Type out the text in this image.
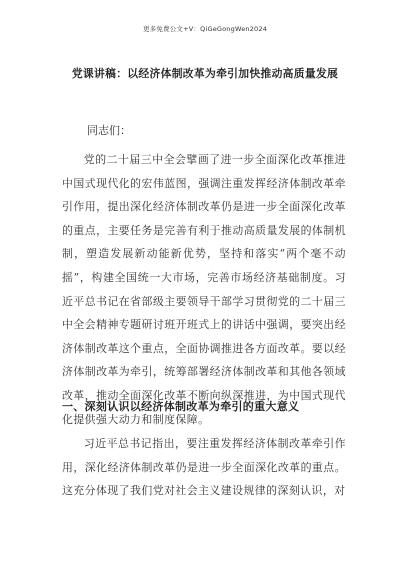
更多免费公文+V：QiGeGongWen2024
党课讲稿：以经济体制改革为牵引加快推动高质量发展
同志们：

党的二十届三中全会擘画了进一步全面深化改革推进中国式现代化的宏伟蓝图，强调注重发挥经济体制改革牵引作用，提出深化经济体制改革仍是进一步全面深化改革的重点，主要任务是完善有利于推动高质量发展的体制机制，塑造发展新动能新优势，坚持和落实“两个毫不动摇”，构建全国统一大市场，完善市场经济基础制度。习近平总书记在省部级主要领导干部学习贯彻党的二十届三中全会精神专题研讨班开班式上的讲话中强调，要突出经济体制改革这个重点，全面协调推进各方面改革。要以经济体制改革为牵引，统筹部署经济体制改革和其他各领域改革，推动全面深化改革不断向纵深推进，为中国式现代化提供强大动力和制度保障。

一、深刻认识以经济体制改革为牵引的重大意义

习近平总书记指出，要注重发挥经济体制改革牵引作用，深化经济体制改革仍是进一步全面深化改革的重点。这充分体现了我们党对社会主义建设规律的深刻认识，对
